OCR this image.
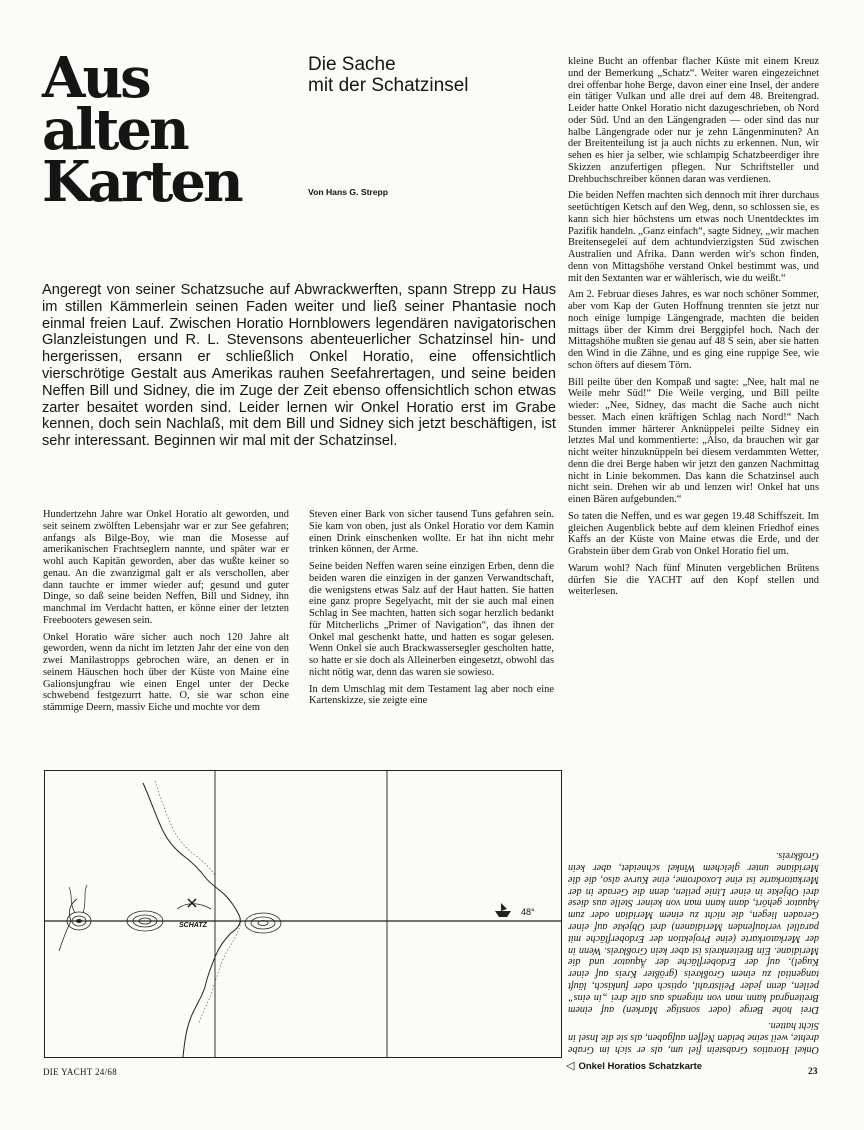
Aus
alten
Karten
Die Sache
mit der Schatzinsel
Von Hans G. Strepp
Angeregt von seiner Schatzsuche auf Abwrackwerften, spann Strepp zu Haus im stillen Kämmerlein seinen Faden weiter und ließ seiner Phantasie noch einmal freien Lauf. Zwischen Horatio Hornblowers legendären navigatorischen Glanzleistungen und R. L. Stevensons abenteuerlicher Schatzinsel hin- und hergerissen, ersann er schließlich Onkel Horatio, eine offensichtlich vierschrötige Gestalt aus Amerikas rauhen Seefahrertagen, und seine beiden Neffen Bill und Sidney, die im Zuge der Zeit ebenso offensichtlich schon etwas zarter besaitet worden sind. Leider lernen wir Onkel Horatio erst im Grabe kennen, doch sein Nachlaß, mit dem Bill und Sidney sich jetzt beschäftigen, ist sehr interessant. Beginnen wir mal mit der Schatzinsel.

Hundertzehn Jahre war Onkel Horatio alt geworden, und seit seinem zwölften Lebensjahr war er zur See gefahren; anfangs als Bilge-Boy, wie man die Mosesse auf amerikanischen Frachtseglern nannte, und später war er wohl auch Kapitän geworden, aber das wußte keiner so genau. An die zwanzigmal galt er als verschollen, aber dann tauchte er immer wieder auf; gesund und guter Dinge, so daß seine beiden Neffen, Bill und Sidney, ihn manchmal im Verdacht hatten, er könne einer der letzten Freebooters gewesen sein.

Onkel Horatio wäre sicher auch noch 120 Jahre alt geworden, wenn da nicht im letzten Jahr der eine von den zwei Manilastropps gebrochen wäre, an denen er in seinem Häuschen hoch über der Küste von Maine eine Galionsjungfrau wie einen Engel unter der Decke schwebend festgezurrt hatte. O, sie war schon eine stämmige Deern, massiv Eiche und mochte vor dem

Steven einer Bark von sicher tausend Tuns gefahren sein. Sie kam von oben, just als Onkel Horatio vor dem Kamin einen Drink einschenken wollte. Er hat ihn nicht mehr trinken können, der Arme.

Seine beiden Neffen waren seine einzigen Erben, denn die beiden waren die einzigen in der ganzen Verwandtschaft, die wenigstens etwas Salz auf der Haut hatten. Sie hatten eine ganz propre Segelyacht, mit der sie auch mal einen Schlag in See machten, hatten sich sogar herzlich bedankt für Mitcherlichs „Primer of Navigation“, das ihnen der Onkel mal geschenkt hatte, und hatten es sogar gelesen. Wenn Onkel sie auch Brackwassersegler gescholten hatte, so hatte er sie doch als Alleinerben eingesetzt, obwohl das nicht nötig war, denn das waren sie sowieso.

In dem Umschlag mit dem Testament lag aber noch eine Kartenskizze, sie zeigte eine

kleine Bucht an offenbar flacher Küste mit einem Kreuz und der Bemerkung „Schatz“. Weiter waren eingezeichnet drei offenbar hohe Berge, davon einer eine Insel, der andere ein tätiger Vulkan und alle drei auf dem 48. Breitengrad. Leider hatte Onkel Horatio nicht dazugeschrieben, ob Nord oder Süd. Und an den Längengraden — oder sind das nur halbe Längengrade oder nur je zehn Längenminuten? An der Breitenteilung ist ja auch nichts zu erkennen. Nun, wir sehen es hier ja selber, wie schlampig Schatzbeerdiger ihre Skizzen anzufertigen pflegen. Nur Schriftsteller und Drehbuchschreiber können daran was verdienen.

Die beiden Neffen machten sich dennoch mit ihrer durchaus seetüchtigen Ketsch auf den Weg, denn, so schlossen sie, es kann sich hier höchstens um etwas noch Unentdecktes im Pazifik handeln. „Ganz einfach“, sagte Sidney, „wir machen Breitensegelei auf dem achtundvierzigsten Süd zwischen Australien und Afrika. Dann werden wir's schon finden, denn von Mittagshöhe verstand Onkel bestimmt was, und mit den Sextanten war er wählerisch, wie du weißt.“

Am 2. Februar dieses Jahres, es war noch schöner Sommer, aber vom Kap der Guten Hoffnung trennten sie jetzt nur noch einige lumpige Längengrade, machten die beiden mittags über der Kimm drei Berggipfel hoch. Nach der Mittagshöhe mußten sie genau auf 48 S sein, aber sie hatten den Wind in die Zähne, und es ging eine ruppige See, wie schon öfters auf diesem Törn.

Bill peilte über den Kompaß und sagte: „Nee, halt mal ne Weile mehr Süd!“ Die Weile verging, und Bill peilte wieder: „Nee, Sidney, das macht die Sache auch nicht besser. Mach einen kräftigen Schlag nach Nord!“ Nach Stunden immer härterer Anknüppelei peilte Sidney ein letztes Mal und kommentierte: „Also, da brauchen wir gar nicht weiter hinzuknüppeln bei diesem verdammten Wetter, denn die drei Berge haben wir jetzt den ganzen Nachmittag nicht in Linie bekommen. Das kann die Schatzinsel auch nicht sein. Drehen wir ab und lenzen wir! Onkel hat uns einen Bären aufgebunden.“

So taten die Neffen, und es war gegen 19.48 Schiffszeit. Im gleichen Augenblick bebte auf dem kleinen Friedhof eines Kaffs an der Küste von Maine etwas die Erde, und der Grabstein über dem Grab von Onkel Horatio fiel um.

Warum wohl? Nach fünf Minuten vergeblichen Brütens dürfen Sie die YACHT auf den Kopf stellen und weiterlesen.

SCHATZ
48°

Onkel Horatios Grabstein fiel um, als er sich im Grabe drehte, weil seine beiden Neffen aufgaben, als sie die Insel in Sicht hatten.

Drei hohe Berge (oder sonstige Marken) auf einem Breitengrad kann man von nirgends aus alle drei „in eins“ peilen, denn jeder Peilstrahl, optisch oder funkisch, läuft tangential zu einem Großkreis (größter Kreis auf einer Kugel), auf der Erdoberfläche der Äquator und die Meridiane. Ein Breitenkreis ist aber kein Großkreis. Wenn in der Merkatorkarte (eine Projektion der Erdoberfläche mit parallel verlaufenden Meridianen) drei Objekte auf einer Geraden liegen, die nicht zu einem Meridian oder zum Äquator gehört, dann kann man von keiner Stelle aus diese drei Objekte in einer Linie peilen, denn die Gerade in der Merkatorkarte ist eine Loxodrome, eine Kurve also, die die Meridiane unter gleichem Winkel schneidet, aber kein Großkreis.

◁ Onkel Horatios Schatzkarte
DIE YACHT 24/68	23
